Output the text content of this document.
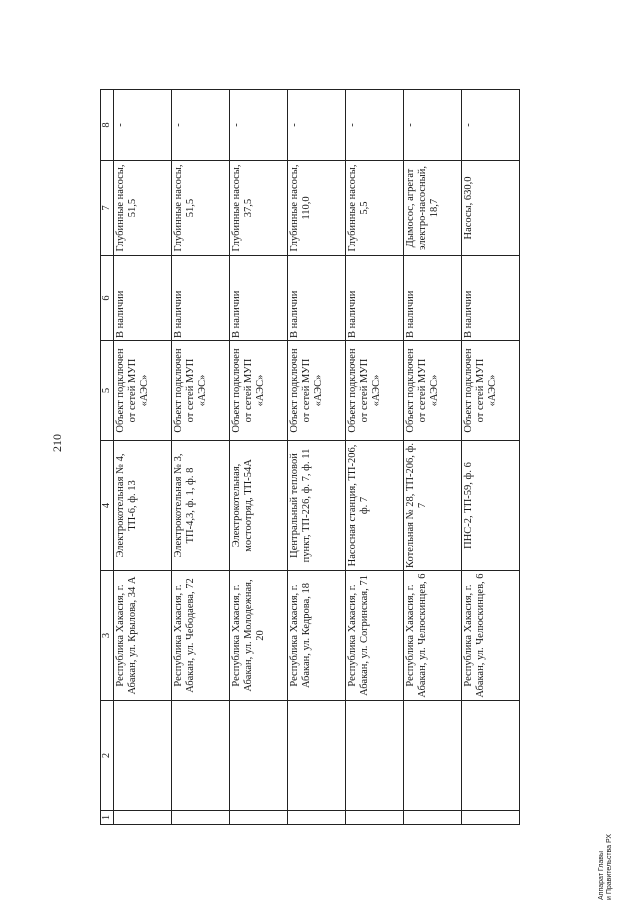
210
1	2	3	4	5	6	7	8
		Республика Хакасия, г. Абакан, ул. Крылова, 34 А	Электрокотельная № 4, ТП-6, ф. 13	Объект подключен от сетей МУП «АЭС»	В наличии	Глубинные насосы, 51,5	-
		Республика Хакасия, г. Абакан, ул. Чебодаева, 72	Электрокотельная № 3, ТП-4,3, ф. 1, ф. 8	Объект подключен от сетей МУП «АЭС»	В наличии	Глубинные насосы, 51,5	-
		Республика Хакасия, г. Абакан, ул. Молодежная, 20	Электрокотельная, мостоотряд, ТП-54А	Объект подключен от сетей МУП «АЭС»	В наличии	Глубинные насосы, 37,5	-
		Республика Хакасия, г. Абакан, ул. Кедрова, 18	Центральный тепловой пункт, ТП-226, ф. 7, ф. 11	Объект подключен от сетей МУП «АЭС»	В наличии	Глубинные насосы, 110,0	-
		Республика Хакасия, г. Абакан, ул. Согринская, 71	Насосная станция, ТП-206, ф. 7	Объект подключен от сетей МУП «АЭС»	В наличии	Глубинные насосы, 5,5	-
		Республика Хакасия, г. Абакан, ул. Челюскинцев, 6	Котельная № 28, ТП-206, ф. 7	Объект подключен от сетей МУП «АЭС»	В наличии	Дымосос, агрегат электро-насосный, 18,7	-
		Республика Хакасия, г. Абакан, ул. Челюскинцев, 6	ПНС-2, ТП-59, ф. 6	Объект подключен от сетей МУП «АЭС»	В наличии	Насосы, 630,0	-
Аппарат Главы и Правительства РХ
